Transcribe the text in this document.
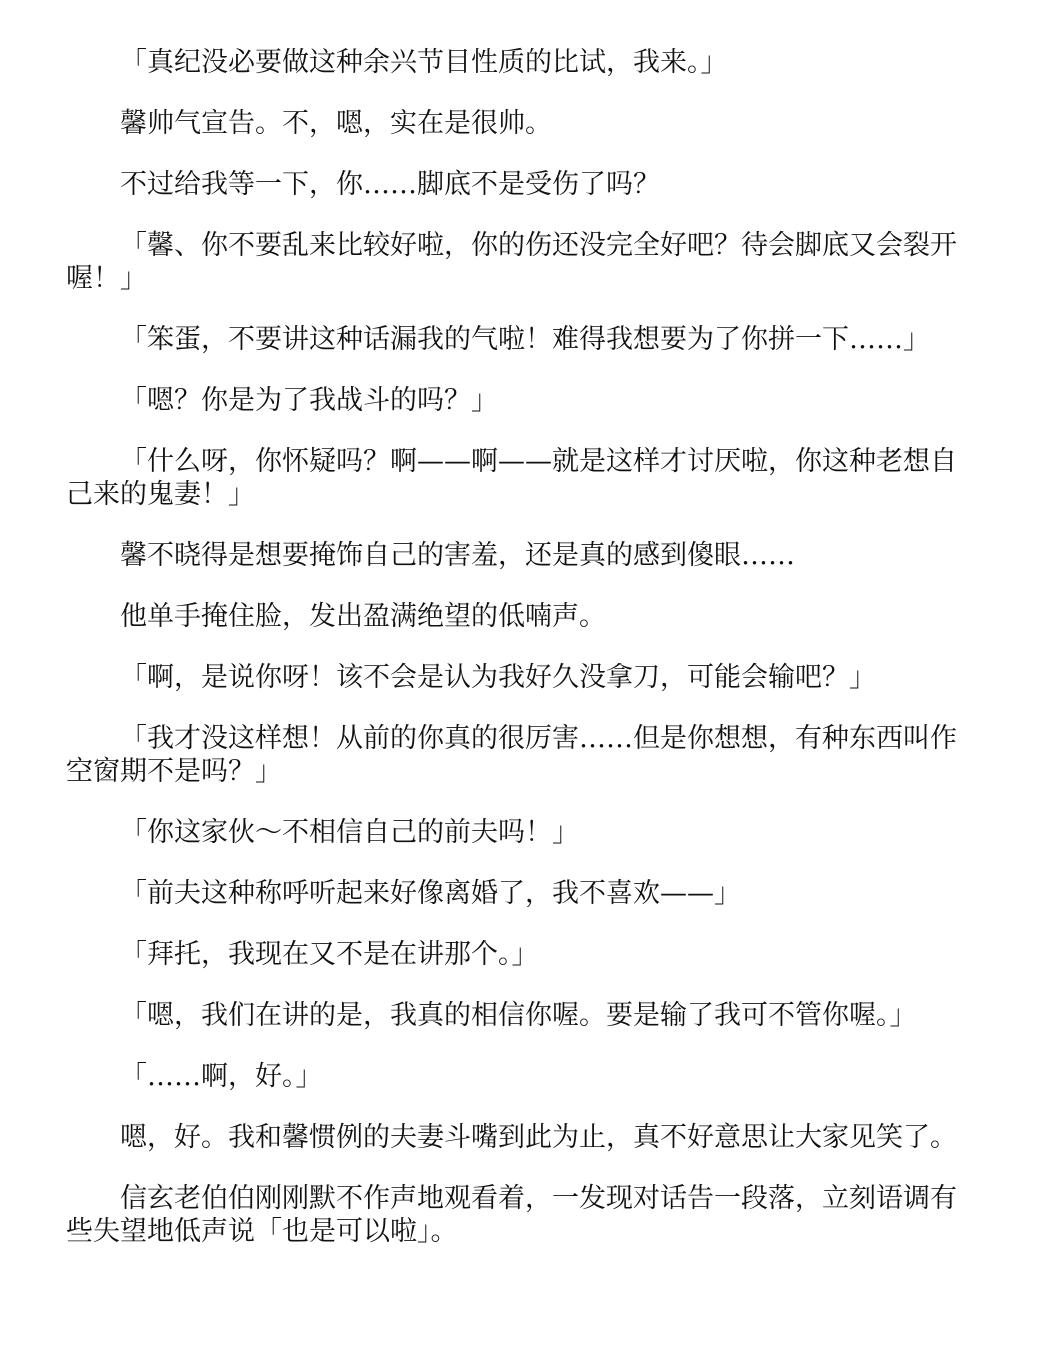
「真纪没必要做这种余兴节目性质的比试，我来。」

馨帅气宣告。不，嗯，实在是很帅。

不过给我等一下，你……脚底不是受伤了吗？

「馨、你不要乱来比较好啦，你的伤还没完全好吧？待会脚底又会裂开喔！」

「笨蛋，不要讲这种话漏我的气啦！难得我想要为了你拼一下……」

「嗯？你是为了我战斗的吗？」

「什么呀，你怀疑吗？啊——啊——就是这样才讨厌啦，你这种老想自己来的鬼妻！」

馨不晓得是想要掩饰自己的害羞，还是真的感到傻眼……

他单手掩住脸，发出盈满绝望的低喃声。

「啊，是说你呀！该不会是认为我好久没拿刀，可能会输吧？」

「我才没这样想！从前的你真的很厉害……但是你想想，有种东西叫作空窗期不是吗？」

「你这家伙～不相信自己的前夫吗！」

「前夫这种称呼听起来好像离婚了，我不喜欢——」

「拜托，我现在又不是在讲那个。」

「嗯，我们在讲的是，我真的相信你喔。要是输了我可不管你喔。」

「……啊，好。」

嗯，好。我和馨惯例的夫妻斗嘴到此为止，真不好意思让大家见笑了。

信玄老伯伯刚刚默不作声地观看着，一发现对话告一段落，立刻语调有些失望地低声说「也是可以啦」。
